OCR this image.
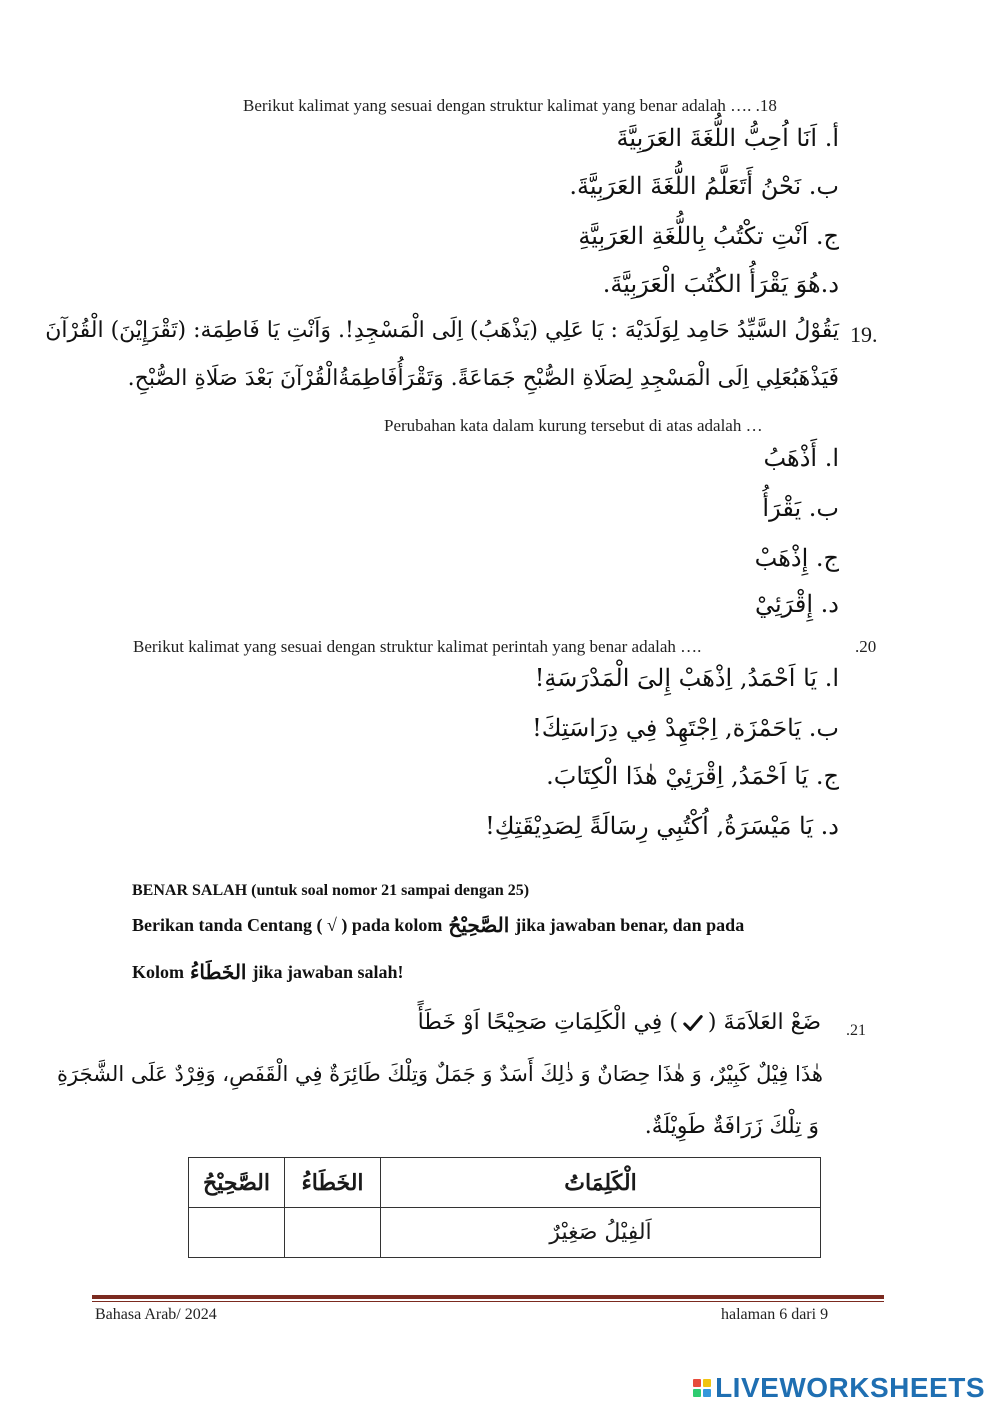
Berikut kalimat yang sesuai dengan struktur kalimat yang benar adalah …. .18
أ. اَنَا اُحِبُّ اللُّغَةَ العَرَبِيَّةَ
ب. نَحْنُ أَتَعَلَّمُ اللُّغَةَ العَرَبِيَّةَ.
ج. اَنْتِ تكْتُبُ بِاللُّغَةِ العَرَبِيَّةِ
د.هُوَ يَقْرَأُ الكُتُبَ الْعَرَبِيَّةَ.
19.
يَقُوْلُ السَّيِّدُ حَامِد لِوَلَدَيْهَ : يَا عَلِي (يَذْهَبُ) اِلَى الْمَسْجِدِ!. وَاَنْتِ يَا فَاطِمَة: (تَقْرَإِيْنَ) الْقُرْآنَ
فَيَذْهَبُعَلِي اِلَى الْمَسْجِدِ لِصَلَاةِ الصُّبْحِ جَمَاعَةً. وَتَقْرَأُفَاطِمَةُالْقُرْآنَ بَعْدَ صَلَاةِ الصُّبْحِ.
Perubahan kata dalam kurung tersebut di atas adalah …
ا. أَذْهَبُ
ب. يَقْرَأُ
ج. إِذْهَبْ
د. إِقْرَئِيْ
Berikut kalimat yang sesuai dengan struktur kalimat perintah yang benar adalah ….	.20
ا. يَا اَحْمَدُ, اِذْهَبْ إِلىَ الْمَدْرَسَةِ!
ب. يَاحَمْزَة, اِجْتَهِدْ فِي دِرَاسَتِكَ!
ج. يَا اَحْمَدُ, اِقْرَئِيْ هٰذَا الْكِتَابَ.
د. يَا مَيْسَرَةُ, اُكْتُبِي رِسَالَةً لِصَدِيْقَتِكِ!
BENAR SALAH (untuk soal nomor 21 sampai dengan 25)
Berikan tanda Centang ( √ ) pada kolom الصَّحِيْحُ jika jawaban benar, dan pada
Kolom الخَطَاءُ jika jawaban salah!
.21
ضَعْ العَلاَمَةَ (
) فِي الْكَلِمَاتِ صَحِيْحًا اَوْ خَطَأً
هٰذَا فِيْلٌ كَبِيْرٌ، وَ هٰذَا حِصَانٌ وَ ذٰلِكَ أَسَدٌ وَ جَمَلٌ وَتِلْكَ طَائِرَةٌ فِي الْقَفَصِ، وَقِرْدٌ عَلَى الشَّجَرَةِ
وَ تِلْكَ زَرَافَةٌ طَوِيْلَةٌ.
الصَّحِيْحُ	الخَطَاءُ	الْكَلِمَاتُ
		اَلفِيْلُ صَغِيْرٌ
Bahasa Arab/ 2024	halaman 6 dari 9
LIVEWORKSHEETS
